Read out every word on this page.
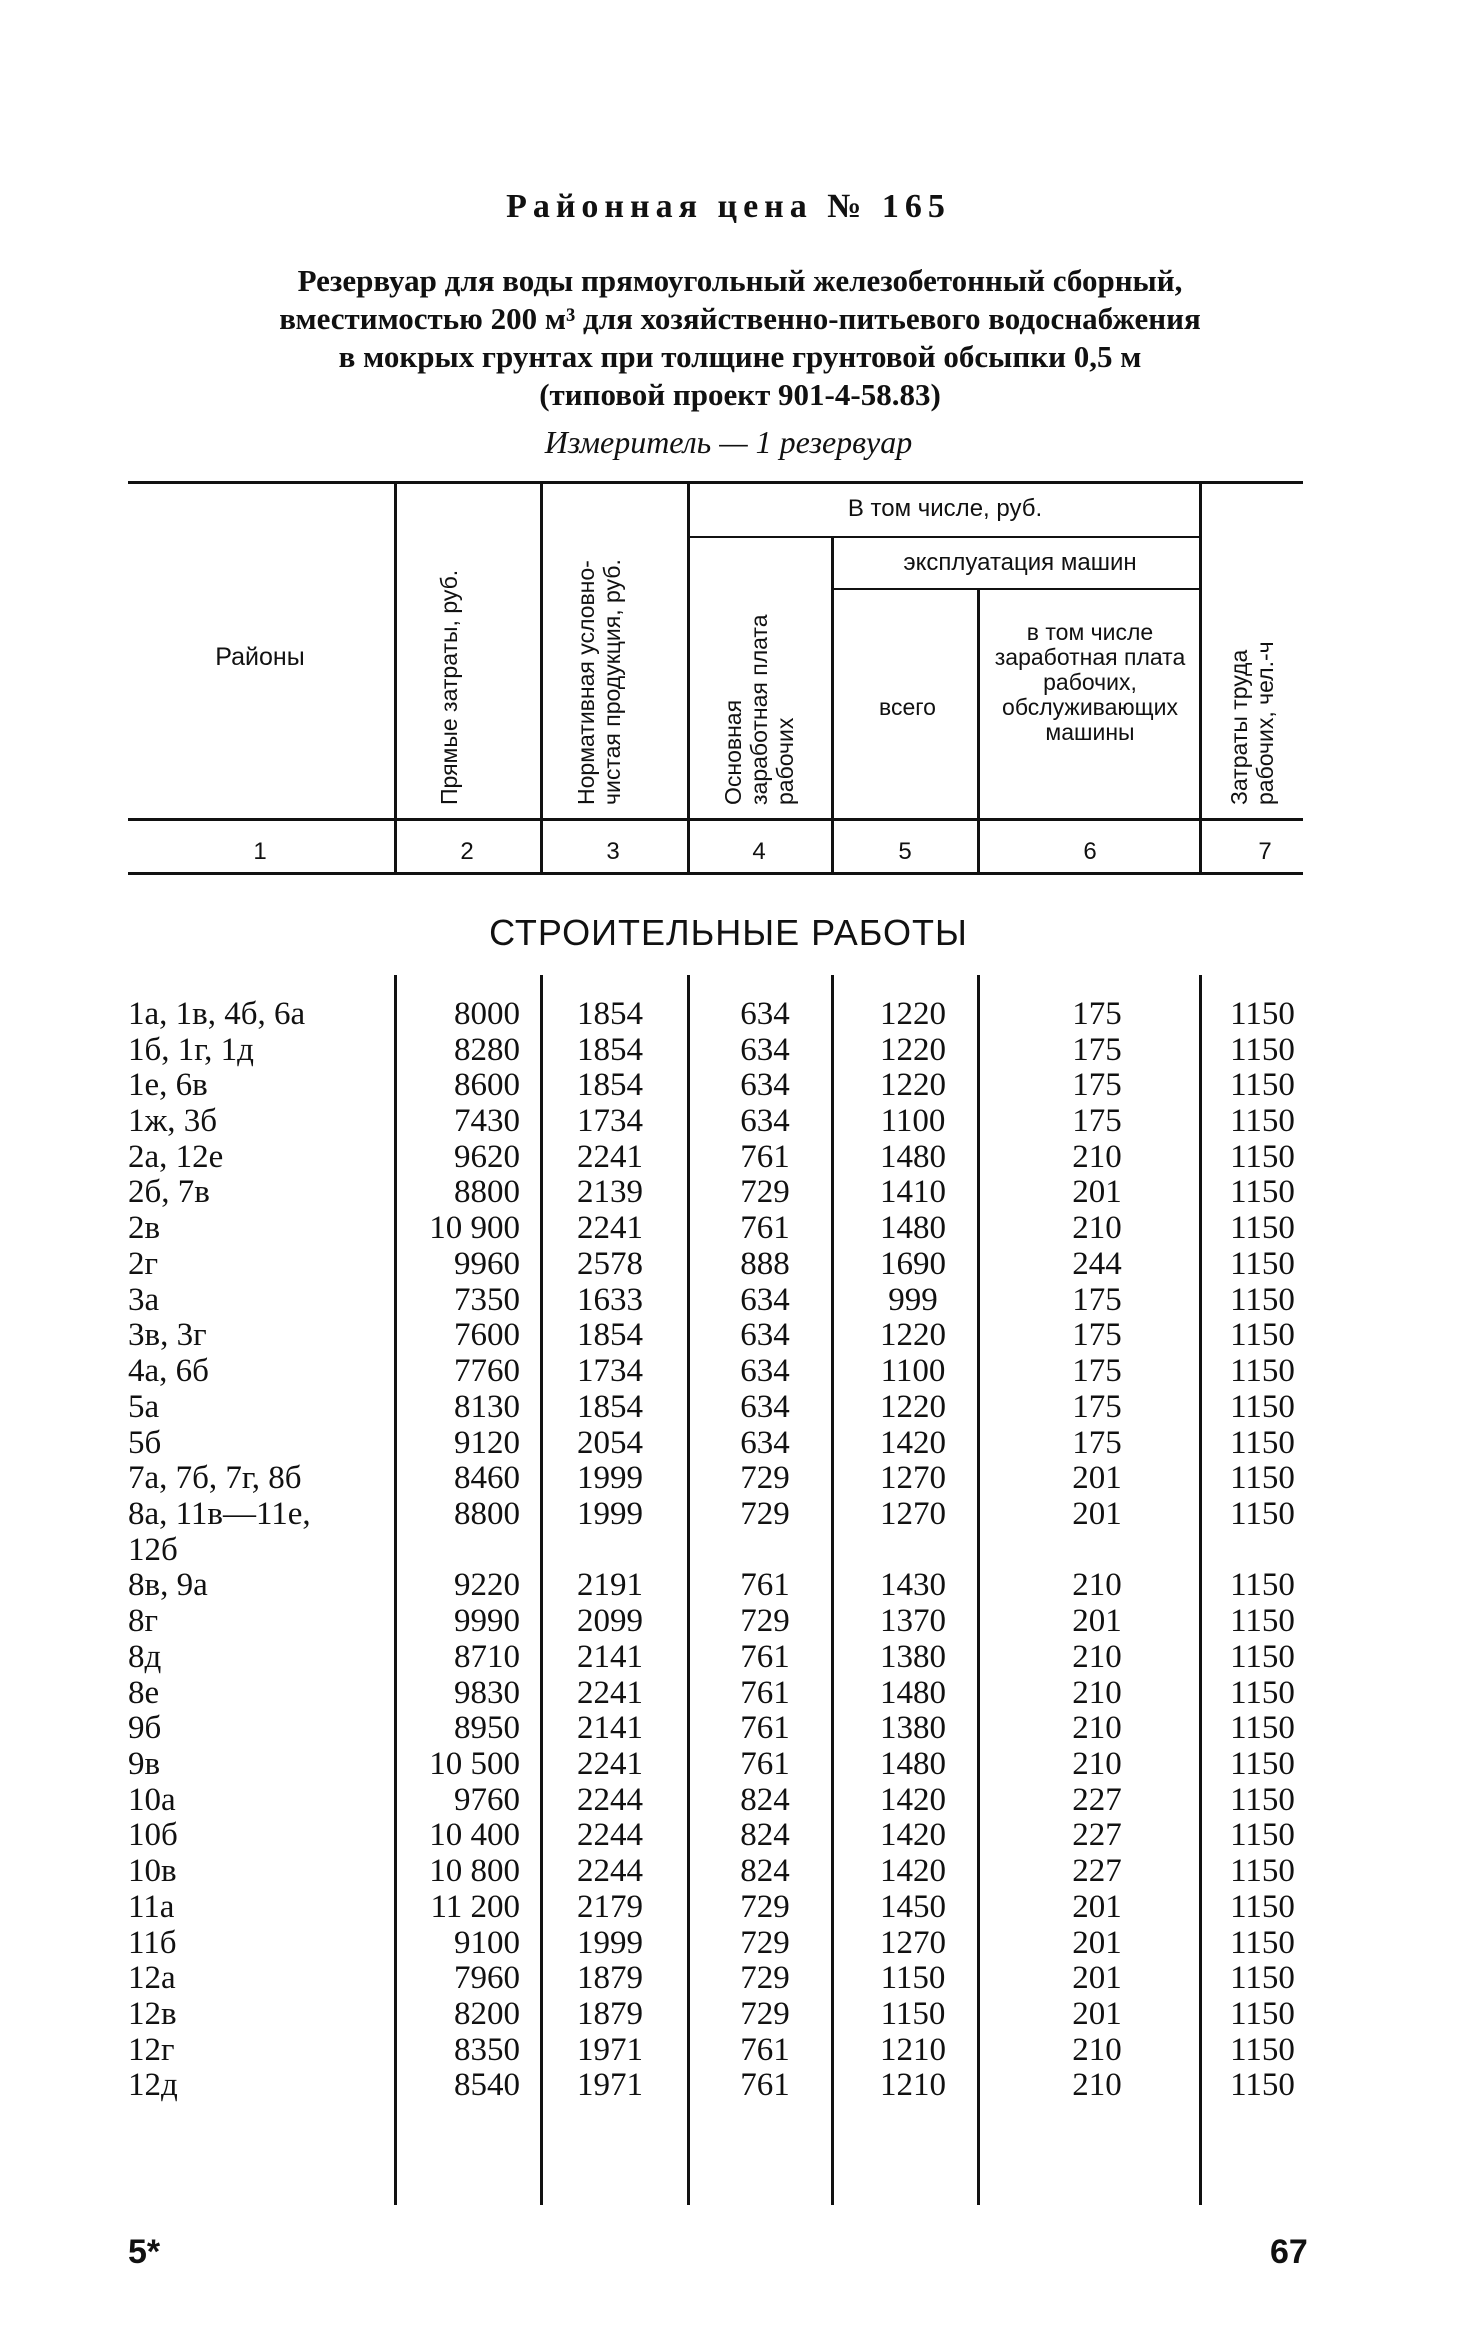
Районная цена № 165
Резервуар для воды прямоугольный железобетонный сборный,
вместимостью 200 м³ для хозяйственно-питьевого водоснабжения
в мокрых грунтах при толщине грунтовой обсыпки 0,5 м
(типовой проект 901-4-58.83)
Измеритель — 1 резервуар
Районы	Прямые затраты, руб.	Нормативная условно-чистая продукция, руб.
В том числе, руб.
Основная заработная плата рабочих
эксплуатация машин
всего
в том числе заработная плата рабочих, обслуживающих машины	Затраты труда рабочих, чел.-ч
1	2	3	4	5	6	7
СТРОИТЕЛЬНЫЕ РАБОТЫ
1а, 1в, 4б, 6а	8000	1854	634	1220	175	1150
1б, 1г, 1д	8280	1854	634	1220	175	1150
1е, 6в	8600	1854	634	1220	175	1150
1ж, 3б	7430	1734	634	1100	175	1150
2а, 12е	9620	2241	761	1480	210	1150
2б, 7в	8800	2139	729	1410	201	1150
2в	10 900	2241	761	1480	210	1150
2г	9960	2578	888	1690	244	1150
3а	7350	1633	634	999	175	1150
3в, 3г	7600	1854	634	1220	175	1150
4а, 6б	7760	1734	634	1100	175	1150
5а	8130	1854	634	1220	175	1150
5б	9120	2054	634	1420	175	1150
7а, 7б, 7г, 8б	8460	1999	729	1270	201	1150
8а, 11в—11е,	8800	1999	729	1270	201	1150
12б
8в, 9а	9220	2191	761	1430	210	1150
8г	9990	2099	729	1370	201	1150
8д	8710	2141	761	1380	210	1150
8е	9830	2241	761	1480	210	1150
9б	8950	2141	761	1380	210	1150
9в	10 500	2241	761	1480	210	1150
10а	9760	2244	824	1420	227	1150
10б	10 400	2244	824	1420	227	1150
10в	10 800	2244	824	1420	227	1150
11а	11 200	2179	729	1450	201	1150
11б	9100	1999	729	1270	201	1150
12а	7960	1879	729	1150	201	1150
12в	8200	1879	729	1150	201	1150
12г	8350	1971	761	1210	210	1150
12д	8540	1971	761	1210	210	1150
5*	67
